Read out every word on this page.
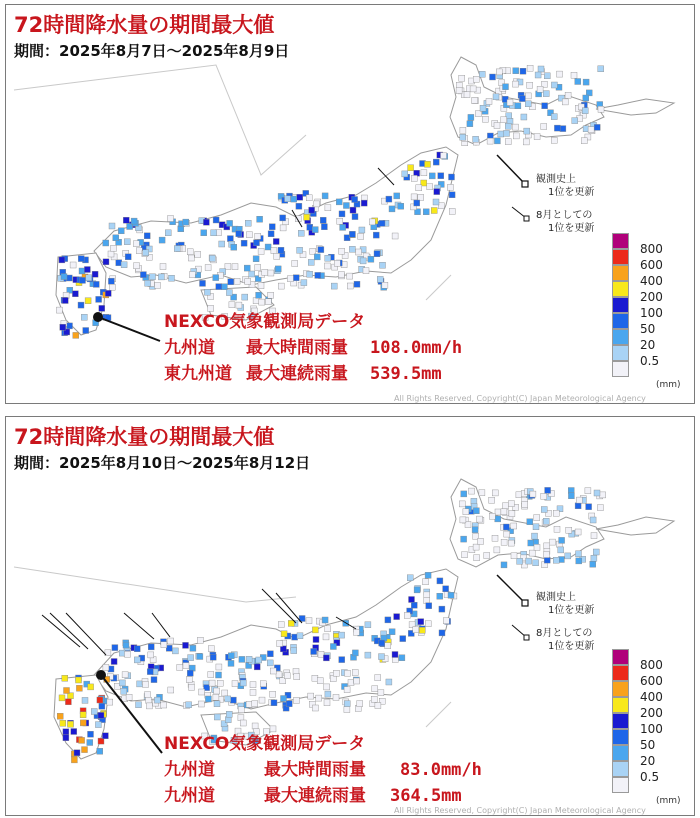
72時間降水量の期間最大値
期間：2025年8月7日～2025年8月9日
観測史上
1位を更新
8月としての
1位を更新
800
600
400
200
100
50
20
0.5
(mm)
NEXCO気象観測局データ
九州道 最大時間雨量 108.0mm/h
東九州道 最大連続雨量 539.5mm
All Rights Reserved, Copyright(C) Japan Meteorological Agency
72時間降水量の期間最大値
期間：2025年8月10日～2025年8月12日
観測史上
1位を更新
8月としての
1位を更新
800
600
400
200
100
50
20
0.5
(mm)
NEXCO気象観測局データ
九州道	最大時間雨量 83.0mm/h
九州道	最大連続雨量 364.5mm
All Rights Reserved, Copyright(C) Japan Meteorological Agency
